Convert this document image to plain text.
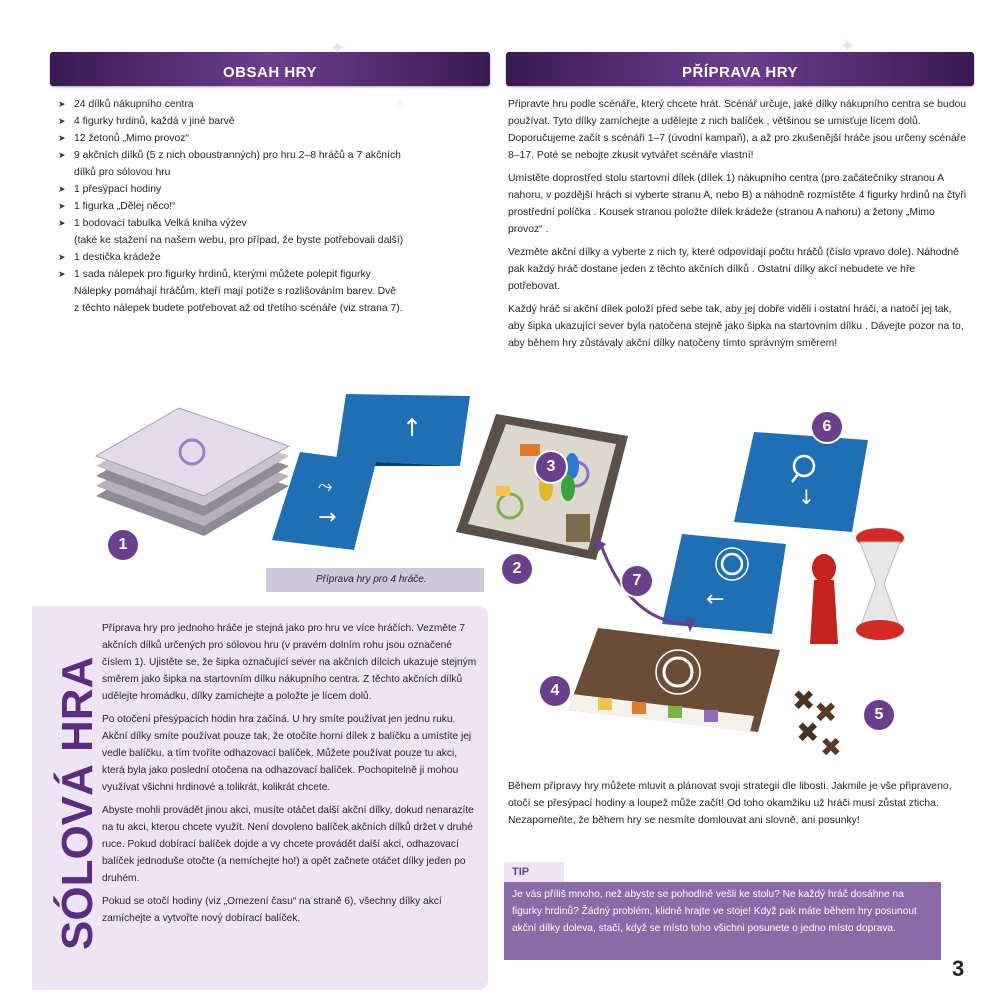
OBSAH HRY	PŘÍPRAVA HRY
✦	✦
✧
➤ 24 dílků nákupního centra
➤ 4 figurky hrdinů, každá v jiné barvě
➤ 12 žetonů „Mimo provoz“
➤ 9 akčních dílků (5 z nich oboustranných) pro hru 2–8 hráčů a 7 akčních
dílků pro sólovou hru
➤ 1 přesýpací hodiny
➤ 1 figurka „Dělej něco!“
➤ 1 bodovací tabulka Velká kniha výzev
(také ke stažení na našem webu, pro případ, že byste potřebovali další)
➤ 1 destička krádeže
➤ 1 sada nálepek pro figurky hrdinů, kterými můžete polepit figurky
Nálepky pomáhají hráčům, kteří mají potíže s rozlišováním barev. Dvě
z těchto nálepek budete potřebovat až od třetího scénáře (viz strana 7).

Připravte hru podle scénáře, který chcete hrát. Scénář určuje, jaké dílky nákupního centra se budou používat. Tyto dílky zamíchejte a udělejte z nich balíček , většinou se umisťuje lícem dolů. Doporučujeme začít s scénáři 1–7 (úvodní kampaň), a až pro zkušenější hráče jsou určeny scénáře 8–17. Poté se nebojte zkusit vytvářet scénáře vlastní!

Umístěte doprostřed stolu startovní dílek (dílek 1) nákupního centra (pro začátečníky stranou A nahoru, v pozdější hrách si vyberte stranu A, nebo B) a náhodně rozmístěte 4 figurky hrdinů na čtyři prostřední políčka . Kousek stranou položte dílek krádeže (stranou A nahoru) a žetony „Mimo provoz“ .

Vezměte akční dílky a vyberte z nich ty, které odpovídají počtu hráčů (číslo vpravo dole). Náhodně pak každý hráč dostane jeden z těchto akčních dílků . Ostatní dílky akcí nebudete ve hře potřebovat.

Každý hráč si akční dílek položí před sebe tak, aby jej dobře viděli i ostatní hráči, a natočí jej tak, aby šipka ukazující sever byla natočena stejně jako šipka na startovním dílku . Dávejte pozor na to, aby během hry zůstávaly akční dílky natočeny tímto správným směrem!

↑
⤳
→
↓
←
✖
✖
✖ ✖
1
2
3
4
5
6
7
Příprava hry pro 4 hráče.
SÓLOVÁ HRA

Příprava hry pro jednoho hráče je stejná jako pro hru ve více hráčích. Vezměte 7 akčních dílků určených pro sólovou hru (v pravém dolním rohu jsou označené číslem 1). Ujistěte se, že šipka označující sever na akčních dílcích ukazuje stejným směrem jako šipka na startovním dílku nákupního centra. Z těchto akčních dílků udělejte hromádku, dílky zamíchejte a položte je lícem dolů.

Po otočení přesýpacích hodin hra začíná. U hry smíte používat jen jednu ruku. Akční dílky smíte používat pouze tak, že otočíte horní dílek z balíčku a umístíte jej vedle balíčku, a tím tvoříte odhazovací balíček. Můžete používat pouze tu akci, která byla jako poslední otočena na odhazovací balíček. Pochopitelně ji mohou využívat všichni hrdinové a tolikrát, kolikrát chcete.

Abyste mohli provádět jinou akci, musíte otáčet další akční dílky, dokud nenarazíte na tu akci, kterou chcete využít. Není dovoleno balíček akčních dílků držet v druhé ruce. Pokud dobírací balíček dojde a vy chcete provádět další akci, odhazovací balíček jednoduše otočte (a nemíchejte ho!) a opět začnete otáčet dílky jeden po druhém.

Pokud se otočí hodiny (viz „Omezení času“ na straně 6), všechny dílky akcí zamíchejte a vytvořte nový dobírací balíček.

Během přípravy hry můžete mluvit a plánovat svoji strategii dle libosti. Jakmile je vše připraveno, otočí se přesýpací hodiny a loupež může začít! Od toho okamžiku už hráči musí zůstat zticha. Nezapomeňte, že během hry se nesmíte domlouvat ani slovně, ani posunky!
TIP
Je vás příliš mnoho, než abyste se pohodlně vešli ke stolu? Ne každý hráč dosáhne na figurky hrdinů? Žádný problém, klidně hrajte ve stoje! Když pak máte během hry posunout akční dílky doleva, stačí, když se místo toho všichni posunete o jedno místo doprava.
3
